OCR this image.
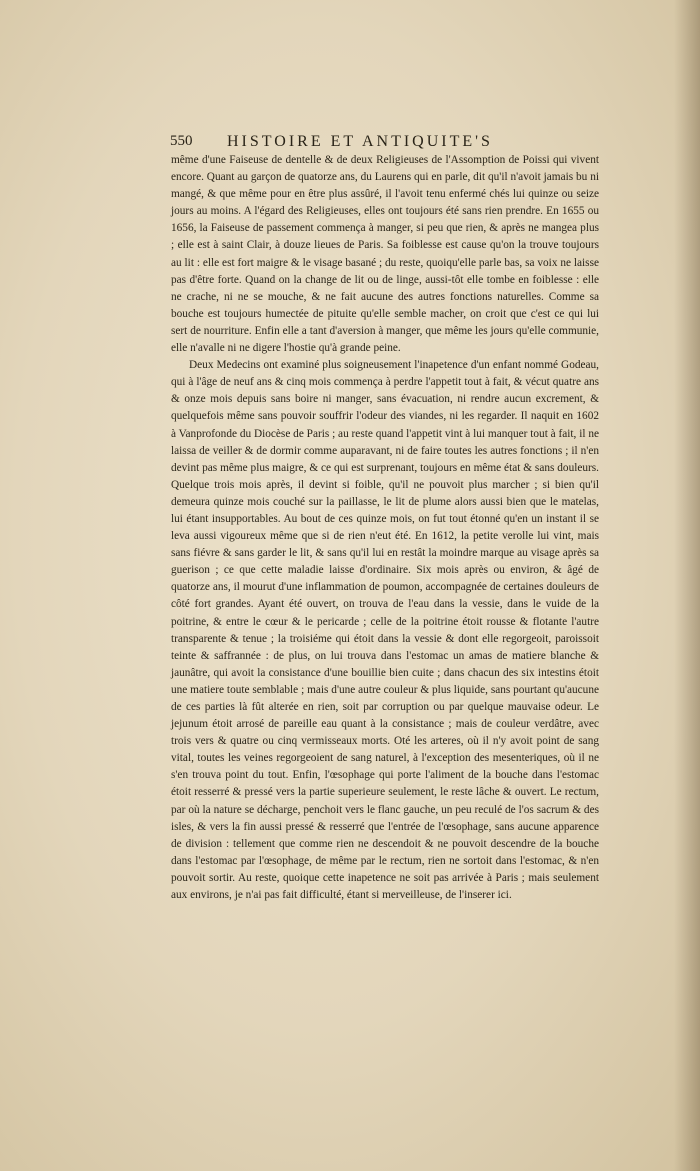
550 HISTOIRE ET ANTIQUITE'S

même d'une Faiseuse de dentelle & de deux Religieuses de l'Assomption de Poissi qui vivent encore. Quant au garçon de quatorze ans, du Laurens qui en parle, dit qu'il n'avoit jamais bu ni mangé, & que même pour en être plus assûré, il l'avoit tenu enfermé chés lui quinze ou seize jours au moins. A l'égard des Religieuses, elles ont toujours été sans rien prendre. En 1655 ou 1656, la Faiseuse de passement commença à manger, si peu que rien, & après ne mangea plus ; elle est à saint Clair, à douze lieues de Paris. Sa foiblesse est cause qu'on la trouve toujours au lit : elle est fort maigre & le visage basané ; du reste, quoiqu'elle parle bas, sa voix ne laisse pas d'être forte. Quand on la change de lit ou de linge, aussi-tôt elle tombe en foiblesse : elle ne crache, ni ne se mouche, & ne fait aucune des autres fonctions naturelles. Comme sa bouche est toujours humectée de pituite qu'elle semble macher, on croit que c'est ce qui lui sert de nourriture. Enfin elle a tant d'aversion à manger, que même les jours qu'elle communie, elle n'avalle ni ne digere l'hostie qu'à grande peine.

Deux Medecins ont examiné plus soigneusement l'inapetence d'un enfant nommé Godeau, qui à l'âge de neuf ans & cinq mois commença à perdre l'appetit tout à fait, & vécut quatre ans & onze mois depuis sans boire ni manger, sans évacuation, ni rendre aucun excrement, & quelquefois même sans pouvoir souffrir l'odeur des viandes, ni les regarder. Il naquit en 1602 à Vanprofonde du Diocèse de Paris ; au reste quand l'appetit vint à lui manquer tout à fait, il ne laissa de veiller & de dormir comme auparavant, ni de faire toutes les autres fonctions ; il n'en devint pas même plus maigre, & ce qui est surprenant, toujours en même état & sans douleurs. Quelque trois mois après, il devint si foible, qu'il ne pouvoit plus marcher ; si bien qu'il demeura quinze mois couché sur la paillasse, le lit de plume alors aussi bien que le matelas, lui étant insupportables. Au bout de ces quinze mois, on fut tout étonné qu'en un instant il se leva aussi vigoureux même que si de rien n'eut été. En 1612, la petite verolle lui vint, mais sans fiévre & sans garder le lit, & sans qu'il lui en restât la moindre marque au visage après sa guerison ; ce que cette maladie laisse d'ordinaire. Six mois après ou environ, & âgé de quatorze ans, il mourut d'une inflammation de poumon, accompagnée de certaines douleurs de côté fort grandes. Ayant été ouvert, on trouva de l'eau dans la vessie, dans le vuide de la poitrine, & entre le cœur & le pericarde ; celle de la poitrine étoit rousse & flotante l'autre transparente & tenue ; la troisiéme qui étoit dans la vessie & dont elle regorgeoit, paroissoit teinte & saffrannée : de plus, on lui trouva dans l'estomac un amas de matiere blanche & jaunâtre, qui avoit la consistance d'une bouillie bien cuite ; dans chacun des six intestins étoit une matiere toute semblable ; mais d'une autre couleur & plus liquide, sans pourtant qu'aucune de ces parties là fût alterée en rien, soit par corruption ou par quelque mauvaise odeur. Le jejunum étoit arrosé de pareille eau quant à la consistance ; mais de couleur verdâtre, avec trois vers & quatre ou cinq vermisseaux morts. Oté les arteres, où il n'y avoit point de sang vital, toutes les veines regorgeoient de sang naturel, à l'exception des mesenteriques, où il ne s'en trouva point du tout. Enfin, l'œsophage qui porte l'aliment de la bouche dans l'estomac étoit resserré & pressé vers la partie superieure seulement, le reste lâche & ouvert. Le rectum, par où la nature se décharge, penchoit vers le flanc gauche, un peu reculé de l'os sacrum & des isles, & vers la fin aussi pressé & resserré que l'entrée de l'œsophage, sans aucune apparence de division : tellement que comme rien ne descendoit & ne pouvoit descendre de la bouche dans l'estomac par l'œsophage, de même par le rectum, rien ne sortoit dans l'estomac, & n'en pouvoit sortir. Au reste, quoique cette inapetence ne soit pas arrivée à Paris ; mais seulement aux environs, je n'ai pas fait difficulté, étant si merveilleuse, de l'inserer ici.
